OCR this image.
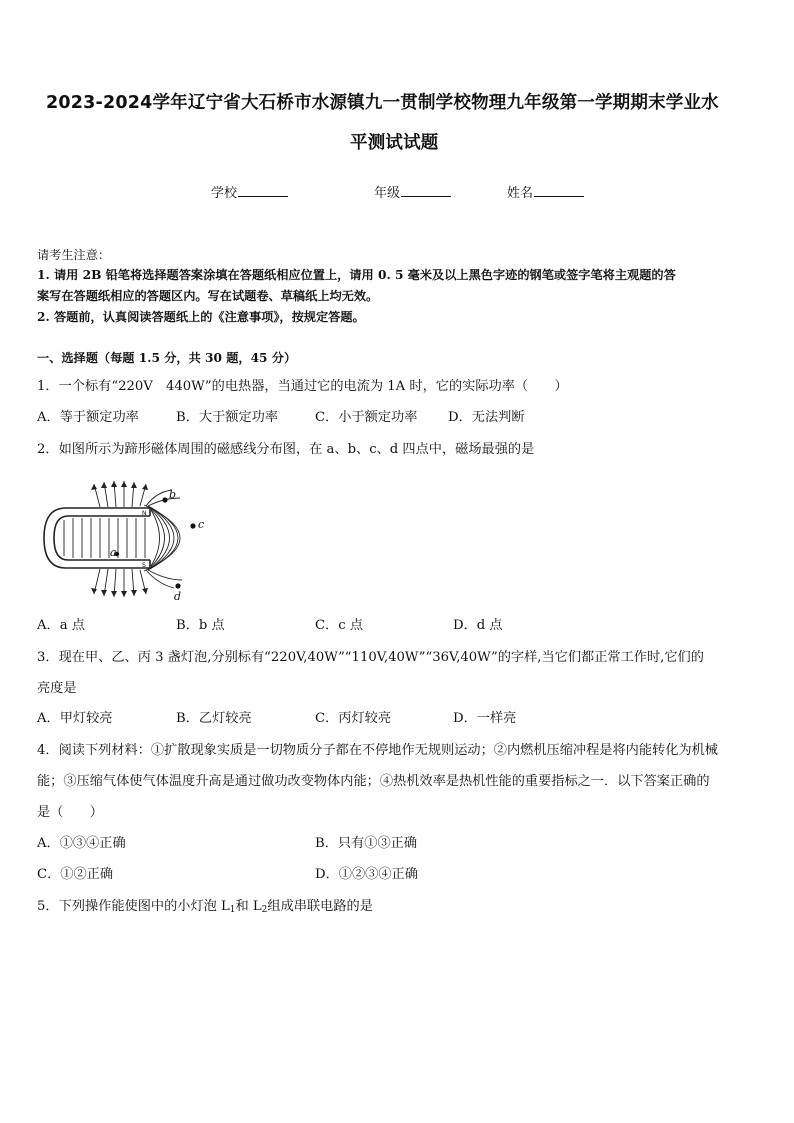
2023-2024学年辽宁省大石桥市水源镇九一贯制学校物理九年级第一学期期末学业水
平测试试题
学校	年级	姓名
请考生注意：
1. 请用 2B 铅笔将选择题答案涂填在答题纸相应位置上，请用 0. 5 毫米及以上黑色字迹的钢笔或签字笔将主观题的答
案写在答题纸相应的答题区内。写在试题卷、草稿纸上均无效。
2. 答题前，认真阅读答题纸上的《注意事项》，按规定答题。
一、选择题（每题 1.5 分，共 30 题，45 分）
1．一个标有“220V　440W”的电热器，当通过它的电流为 1A 时，它的实际功率（　　）
A．等于额定功率	B．大于额定功率	C．小于额定功率 D．无法判断
2．如图所示为蹄形磁体周围的磁感线分布图，在 a、b、c、d 四点中，磁场最强的是
b
c
a
d
N
S
A．a 点	B．b 点	C．c 点	D．d 点
3．现在甲、乙、丙 3 盏灯泡,分别标有“220V,40W”“110V,40W”“36V,40W”的字样,当它们都正常工作时,它们的
亮度是
A．甲灯较亮	B．乙灯较亮	C．丙灯较亮	D．一样亮
4．阅读下列材料：①扩散现象实质是一切物质分子都在不停地作无规则运动；②内燃机压缩冲程是将内能转化为机械
能；③压缩气体使气体温度升高是通过做功改变物体内能；④热机效率是热机性能的重要指标之一．以下答案正确的
是（　　）
A．①③④正确	B．只有①③正确
C．①②正确	D．①②③④正确
5．下列操作能使图中的小灯泡 $L_1$和 $L_2$组成串联电路的是
